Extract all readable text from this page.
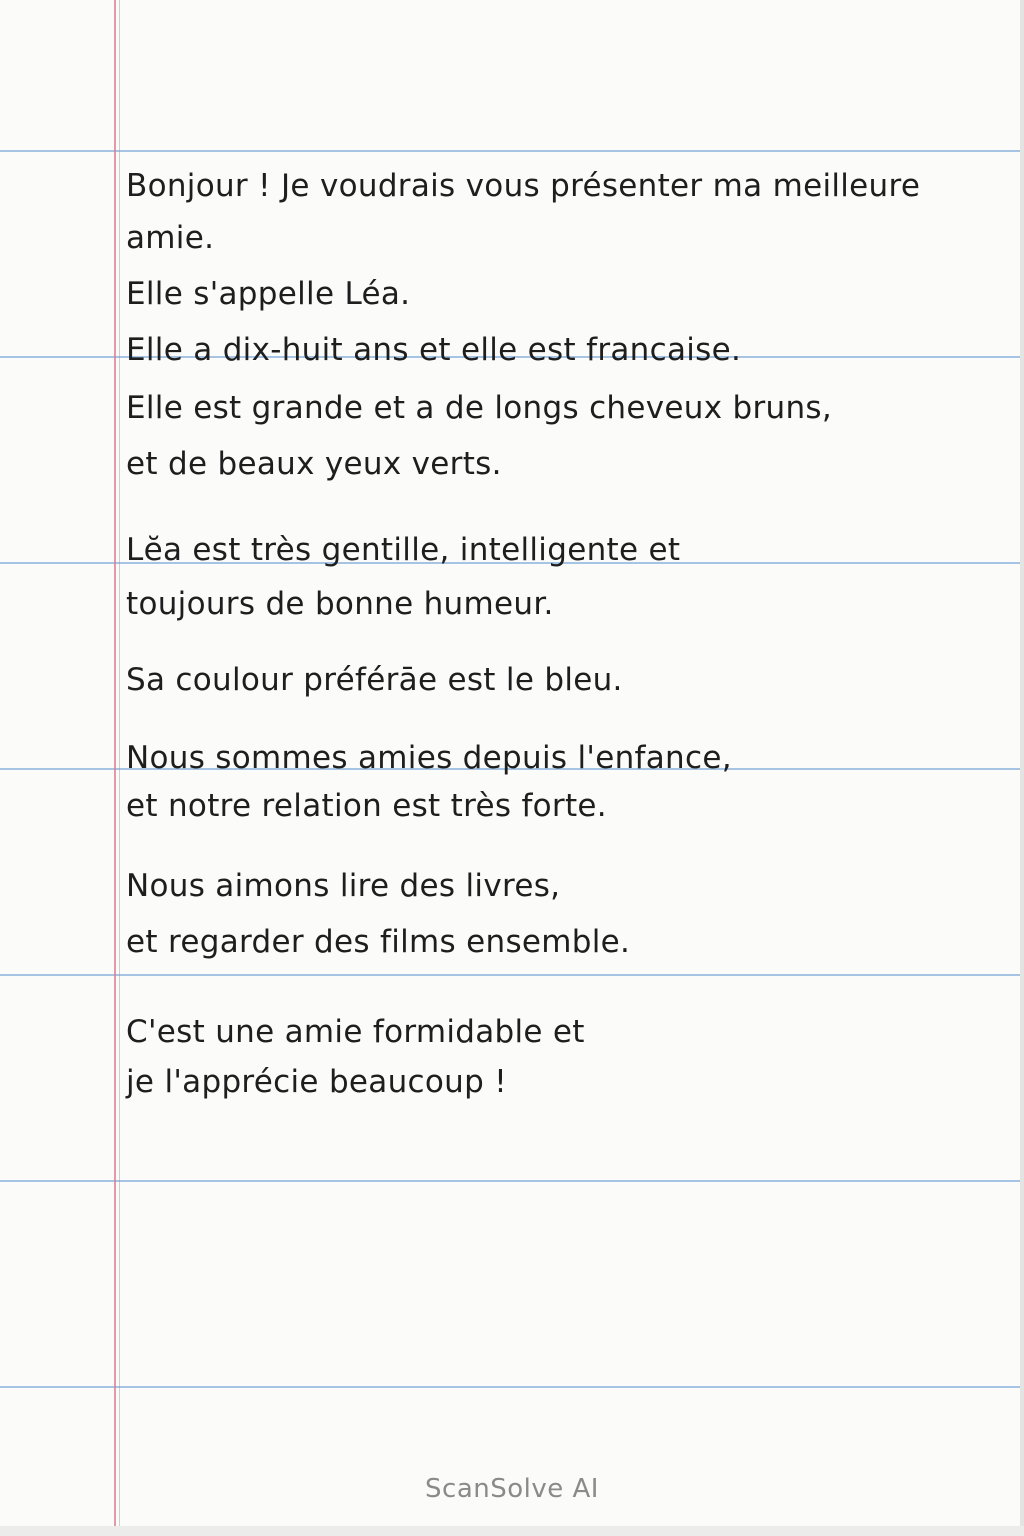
Bonjour ! Je voudrais vous présenter ma meilleure
amie.
Elle s'appelle Léa.
Elle a dix-huit ans et elle est francaise.
Elle est grande et a de longs cheveux bruns,
et de beaux yeux verts.
Lĕa est très gentille, intelligente et
toujours de bonne humeur.
Sa coulour préférāe est le bleu.
Nous sommes amies depuis l'enfance,
et notre relation est très forte.
Nous aimons lire des livres,
et regarder des films ensemble.
C'est une amie formidable et
je l'apprécie beaucoup !
ScanSolve AI
